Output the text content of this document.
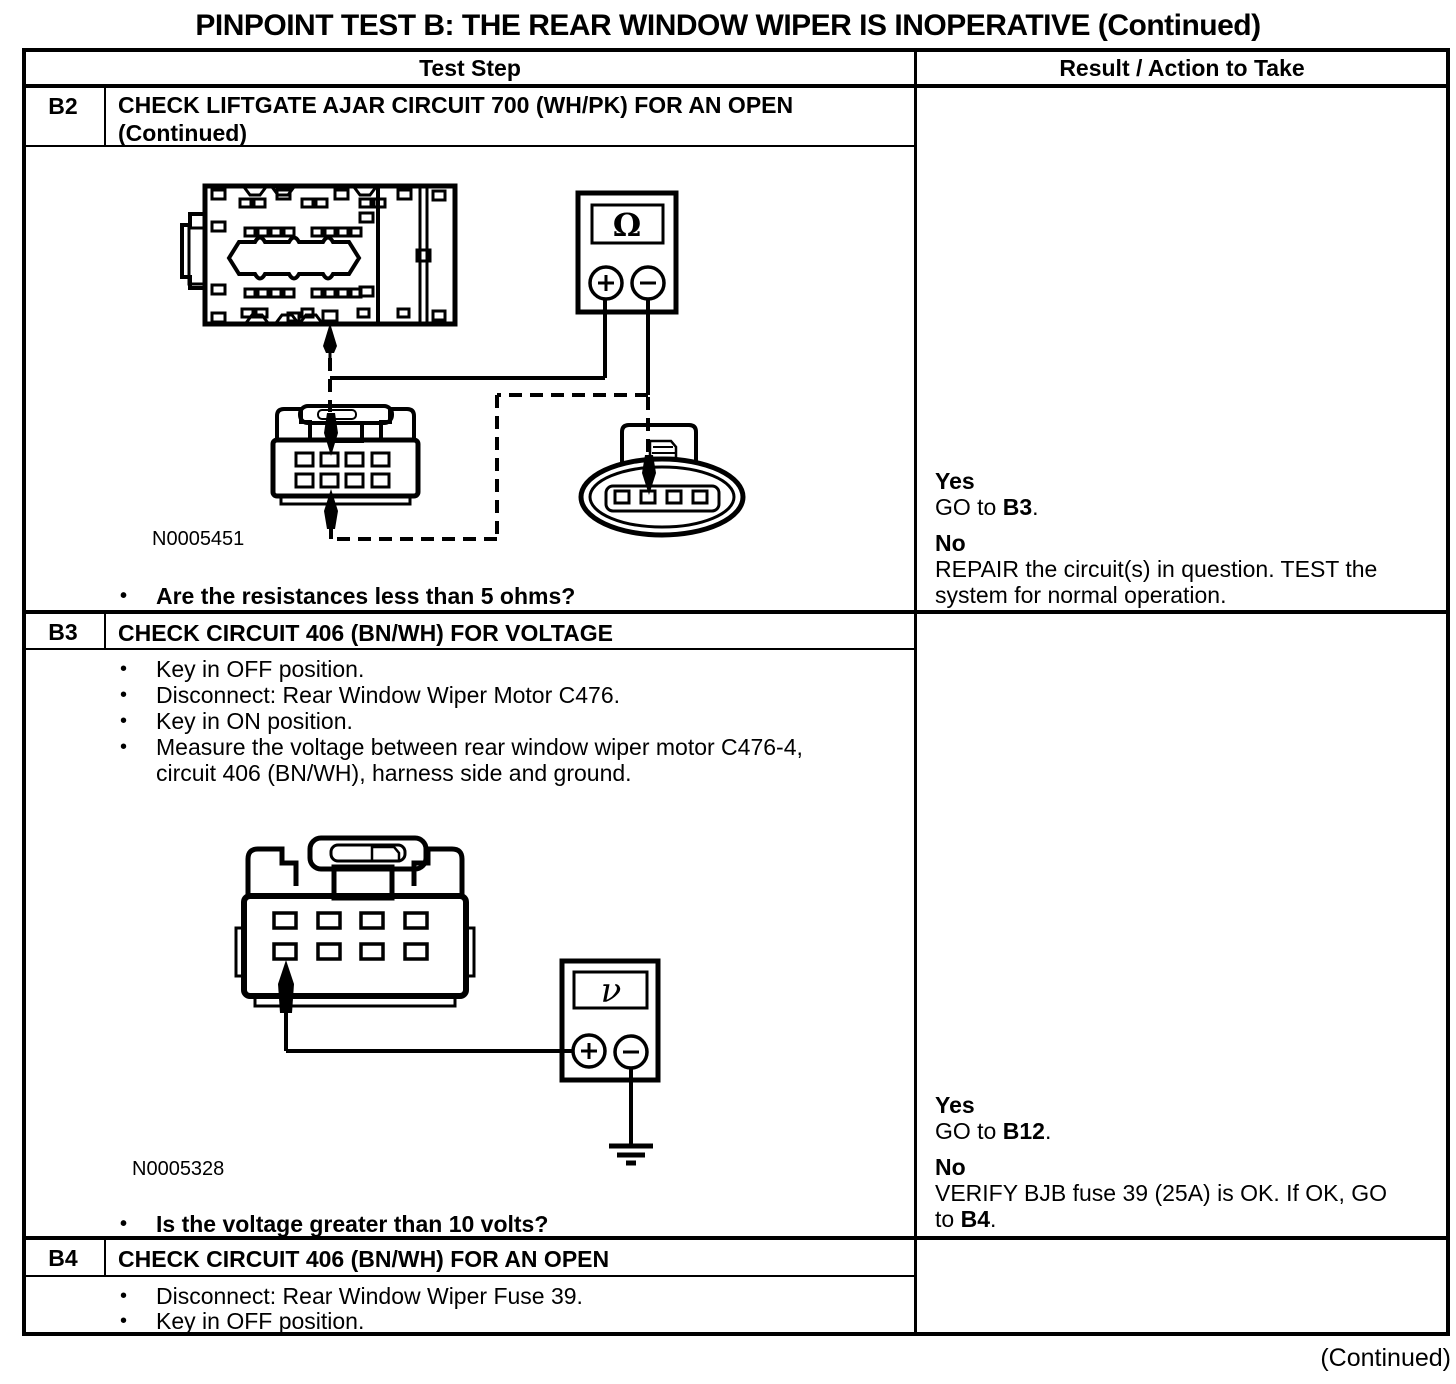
PINPOINT TEST B: THE REAR WINDOW WIPER IS INOPERATIVE (Continued)
Test Step	Result / Action to Take
B2	CHECK LIFTGATE AJAR CIRCUIT 700 (WH/PK) FOR AN OPEN (Continued)
Ω
N0005451
•	Are the resistances less than 5 ohms?
Yes
GO to B3.
No
REPAIR the circuit(s) in question. TEST the system for normal operation.
B3	CHECK CIRCUIT 406 (BN/WH) FOR VOLTAGE
•	Key in OFF position.
•	Disconnect: Rear Window Wiper Motor C476.
•	Key in ON position.
•	Measure the voltage between rear window wiper motor C476-4, circuit 406 (BN/WH), harness side and ground.
ν
N0005328
•	Is the voltage greater than 10 volts?
Yes
GO to B12.
No
VERIFY BJB fuse 39 (25A) is OK. If OK, GO to B4.
B4	CHECK CIRCUIT 406 (BN/WH) FOR AN OPEN
•	Disconnect: Rear Window Wiper Fuse 39.
•	Key in OFF position.
(Continued)
